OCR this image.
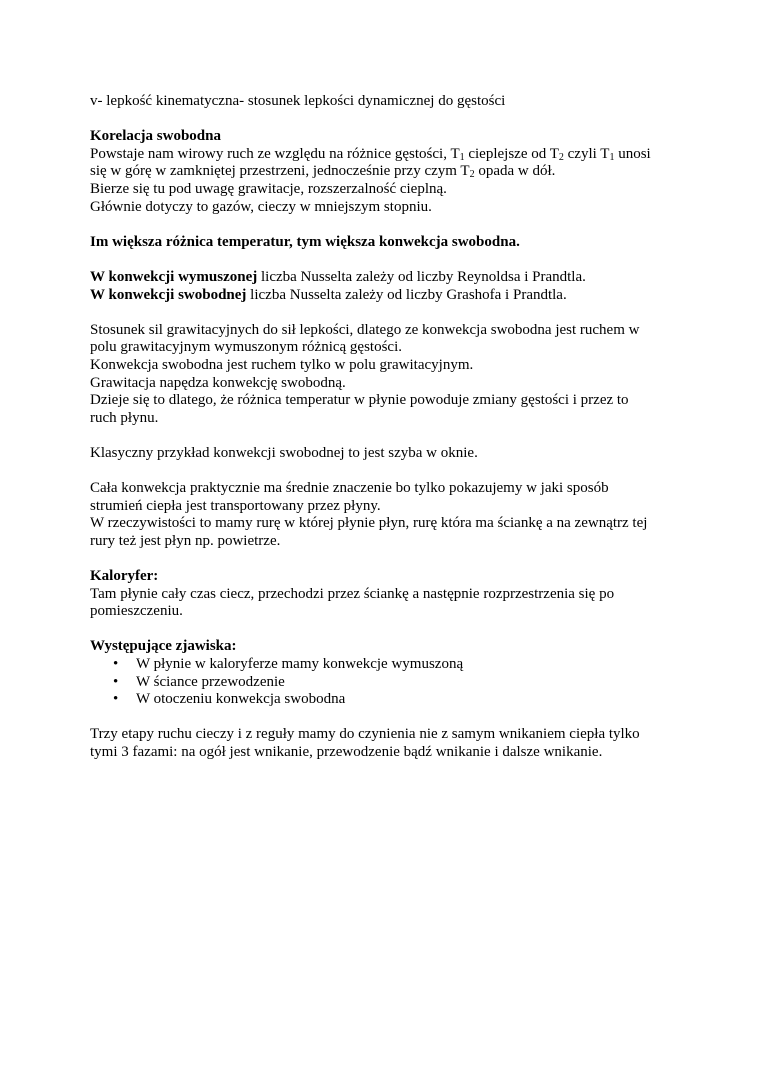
v- lepkość kinematyczna- stosunek lepkości dynamicznej do gęstości

Korelacja swobodna

Powstaje nam wirowy ruch ze względu na różnice gęstości, $T_1$ cieplejsze od $T_2$ czyli $T_1$ unosi

się w górę w zamkniętej przestrzeni, jednocześnie przy czym $T_2$ opada w dół.

Bierze się tu pod uwagę grawitacje, rozszerzalność cieplną.

Głównie dotyczy to gazów, cieczy w mniejszym stopniu.

Im większa różnica temperatur, tym większa konwekcja swobodna.

W konwekcji wymuszonej liczba Nusselta zależy od liczby Reynoldsa i Prandtla.

W konwekcji swobodnej liczba Nusselta zależy od liczby Grashofa i Prandtla.

Stosunek sil grawitacyjnych do sił lepkości, dlatego ze konwekcja swobodna jest ruchem w

polu grawitacyjnym wymuszonym różnicą gęstości.

Konwekcja swobodna jest ruchem tylko w polu grawitacyjnym.

Grawitacja napędza konwekcję swobodną.

Dzieje się to dlatego, że różnica temperatur w płynie powoduje zmiany gęstości i przez to

ruch płynu.

Klasyczny przykład konwekcji swobodnej to jest szyba w oknie.

Cała konwekcja praktycznie ma średnie znaczenie bo tylko pokazujemy w jaki sposób

strumień ciepła jest transportowany przez płyny.

W rzeczywistości to mamy rurę w której płynie płyn, rurę która ma ściankę a na zewnątrz tej

rury też jest płyn np. powietrze.

Kaloryfer:

Tam płynie cały czas ciecz, przechodzi przez ściankę a następnie rozprzestrzenia się po

pomieszczeniu.

Występujące zjawiska:

• W płynie w kaloryferze mamy konwekcje wymuszoną
• W ściance przewodzenie
• W otoczeniu konwekcja swobodna

Trzy etapy ruchu cieczy i z reguły mamy do czynienia nie z samym wnikaniem ciepła tylko

tymi 3 fazami: na ogół jest wnikanie, przewodzenie bądź wnikanie i dalsze wnikanie.
